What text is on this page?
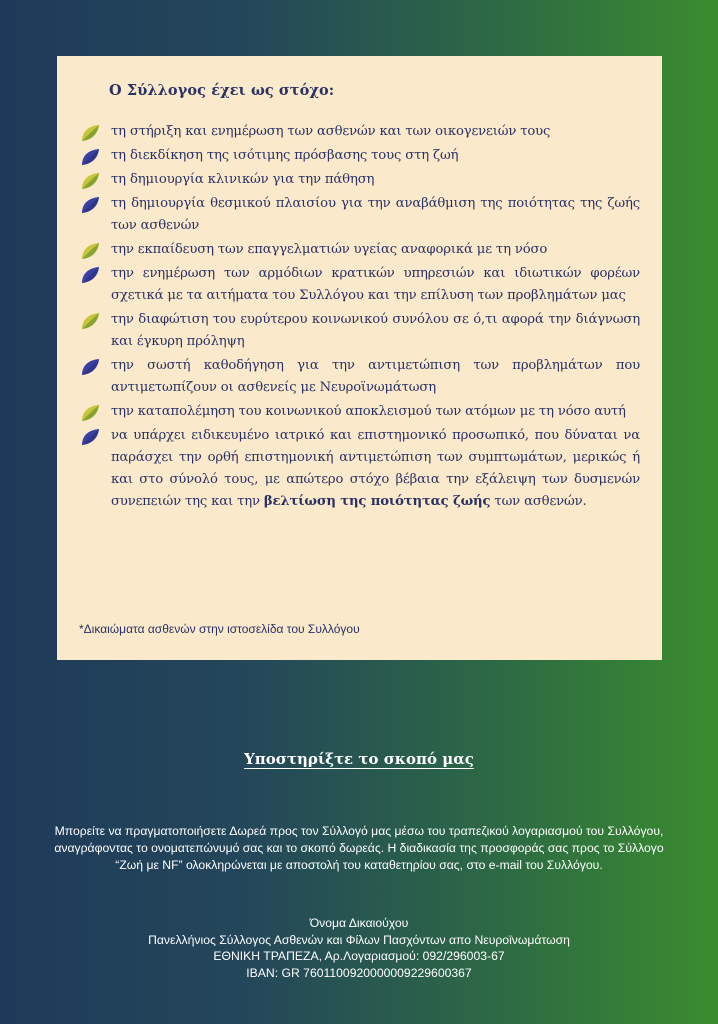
Ο Σύλλογος έχει ως στόχο:
τη στήριξη και ενημέρωση των ασθενών και των οικογενειών τους
τη διεκδίκηση της ισότιμης πρόσβασης τους στη ζωή
τη δημιουργία κλινικών για την πάθηση
τη δημιουργία θεσμικού πλαισίου για την αναβάθμιση της ποιότητας της ζωής των ασθενών
την εκπαίδευση των επαγγελματιών υγείας αναφορικά με τη νόσο
την ενημέρωση των αρμόδιων κρατικών υπηρεσιών και ιδιωτικών φορέων σχετικά με τα αιτήματα του Συλλόγου και την επίλυση των προβλημάτων μας
την διαφώτιση του ευρύτερου κοινωνικού συνόλου σε ό,τι αφορά την διάγνωση και έγκυρη πρόληψη
την σωστή καθοδήγηση για την αντιμετώπιση των προβλημάτων που αντιμετωπίζουν οι ασθενείς με Νευροϊνωμάτωση
την καταπολέμηση του κοινωνικού αποκλεισμού των ατόμων με τη νόσο αυτή
να υπάρχει ειδικευμένο ιατρικό και επιστημονικό προσωπικό, που δύναται να παράσχει την ορθή επιστημονική αντιμετώπιση των συμπτωμάτων, μερικώς ή και στο σύνολό τους, με απώτερο στόχο βέβαια την εξάλειψη των δυσμενών συνεπειών της και την βελτίωση της ποιότητας ζωής των ασθενών.
*Δικαιώματα ασθενών στην ιστοσελίδα του Συλλόγου
Υποστηρίξτε το σκοπό μας

Μπορείτε να πραγματοποιήσετε Δωρεά προς τον Σύλλογό μας μέσω του τραπεζικού λογαριασμού του Συλλόγου, αναγράφοντας το ονοματεπώνυμό σας και το σκοπό δωρεάς. Η διαδικασία της προσφοράς σας προς το Σύλλογο “Ζωή με NF” ολοκληρώνεται με αποστολή του καταθετηρίου σας, στο e-mail του Συλλόγου.

Όνομα Δικαιούχου
Πανελλήνιος Σύλλογος Ασθενών και Φίλων Πασχόντων απο Νευροϊνωμάτωση
ΕΘΝΙΚΗ ΤΡΑΠΕΖΑ, Αρ.Λογαριασμού: 092/296003-67
IBAN: GR 7601100920000009229600367
